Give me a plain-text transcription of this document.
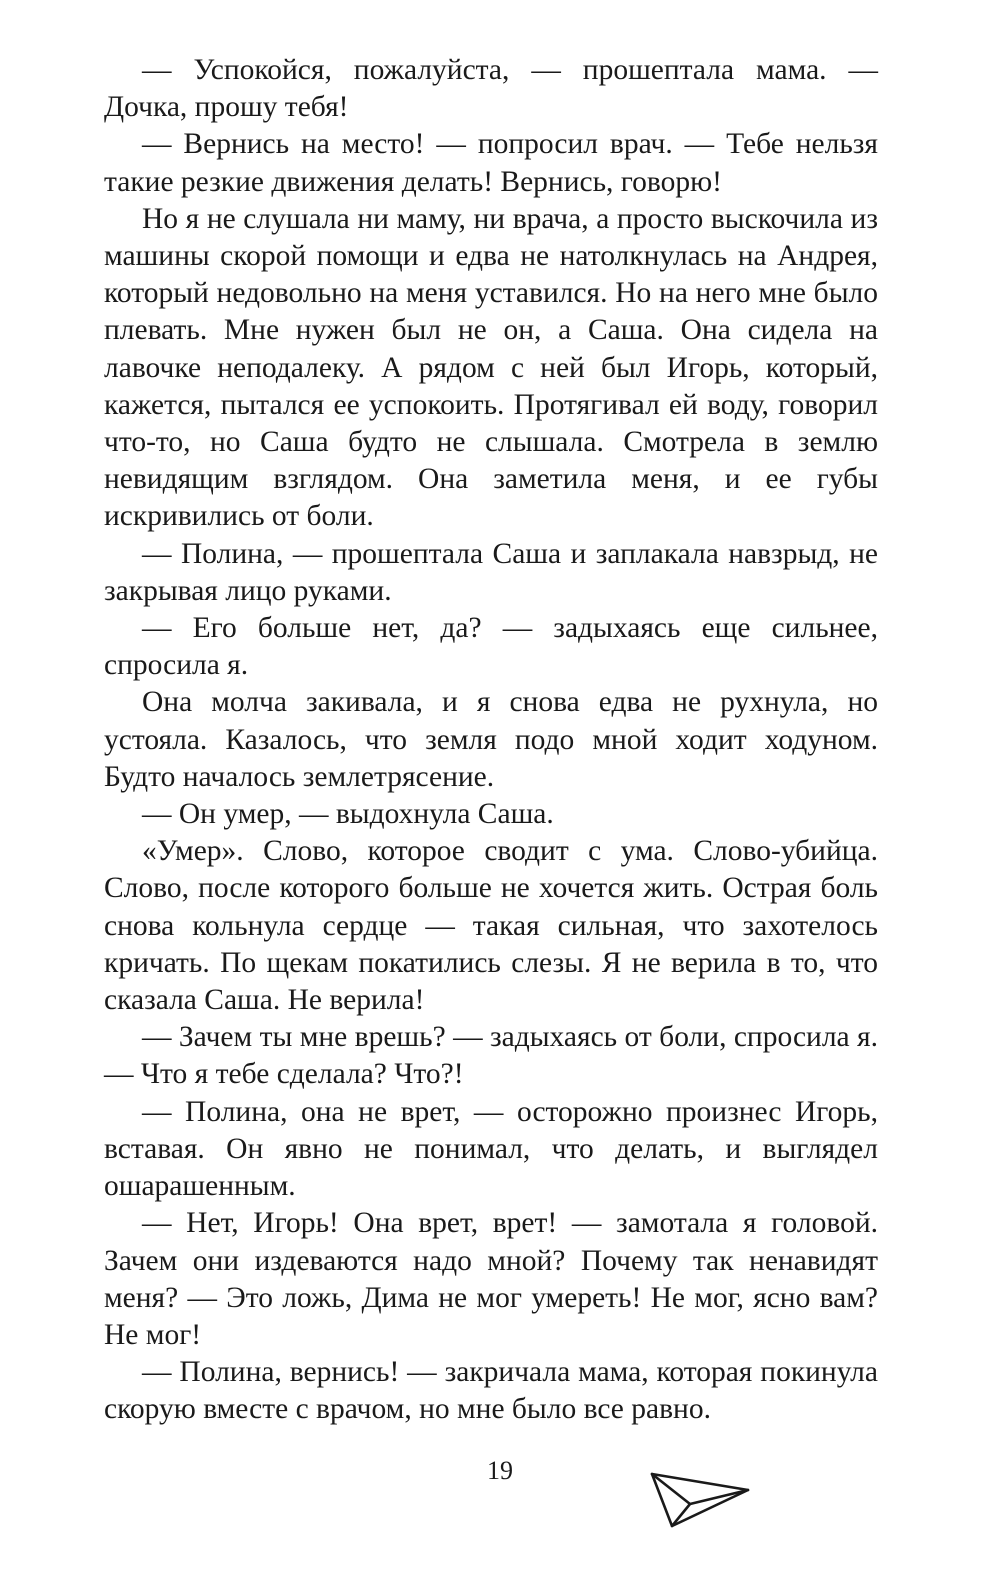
— Успокойся, пожалуйста, — прошептала мама. — Дочка, прошу тебя!

— Вернись на место! — попросил врач. — Тебе нельзя такие резкие движения делать! Вернись, говорю!

Но я не слушала ни маму, ни врача, а просто выскочила из машины скорой помощи и едва не натолкнулась на Андрея, который недовольно на меня уставился. Но на него мне было плевать. Мне нужен был не он, а Саша. Она сидела на лавочке неподалеку. А рядом с ней был Игорь, который, кажется, пытался ее успокоить. Протягивал ей воду, говорил что-то, но Саша будто не слышала. Смотрела в землю невидящим взглядом. Она заметила меня, и ее губы искривились от боли.

— Полина, — прошептала Саша и заплакала навзрыд, не закрывая лицо руками.

— Его больше нет, да? — задыхаясь еще сильнее, спросила я.

Она молча закивала, и я снова едва не рухнула, но устояла. Казалось, что земля подо мной ходит ходуном. Будто началось землетрясение.

— Он умер, — выдохнула Саша.

«Умер». Слово, которое сводит с ума. Слово-убийца. Слово, после которого больше не хочется жить. Острая боль снова кольнула сердце — такая сильная, что захотелось кричать. По щекам покатились слезы. Я не верила в то, что сказала Саша. Не верила!

— Зачем ты мне врешь? — задыхаясь от боли, спросила я. — Что я тебе сделала? Что?!

— Полина, она не врет, — осторожно произнес Игорь, вставая. Он явно не понимал, что делать, и выглядел ошарашенным.

— Нет, Игорь! Она врет, врет! — замотала я головой. Зачем они издеваются надо мной? Почему так ненавидят меня? — Это ложь, Дима не мог умереть! Не мог, ясно вам? Не мог!

— Полина, вернись! — закричала мама, которая покинула скорую вместе с врачом, но мне было все равно.

19
